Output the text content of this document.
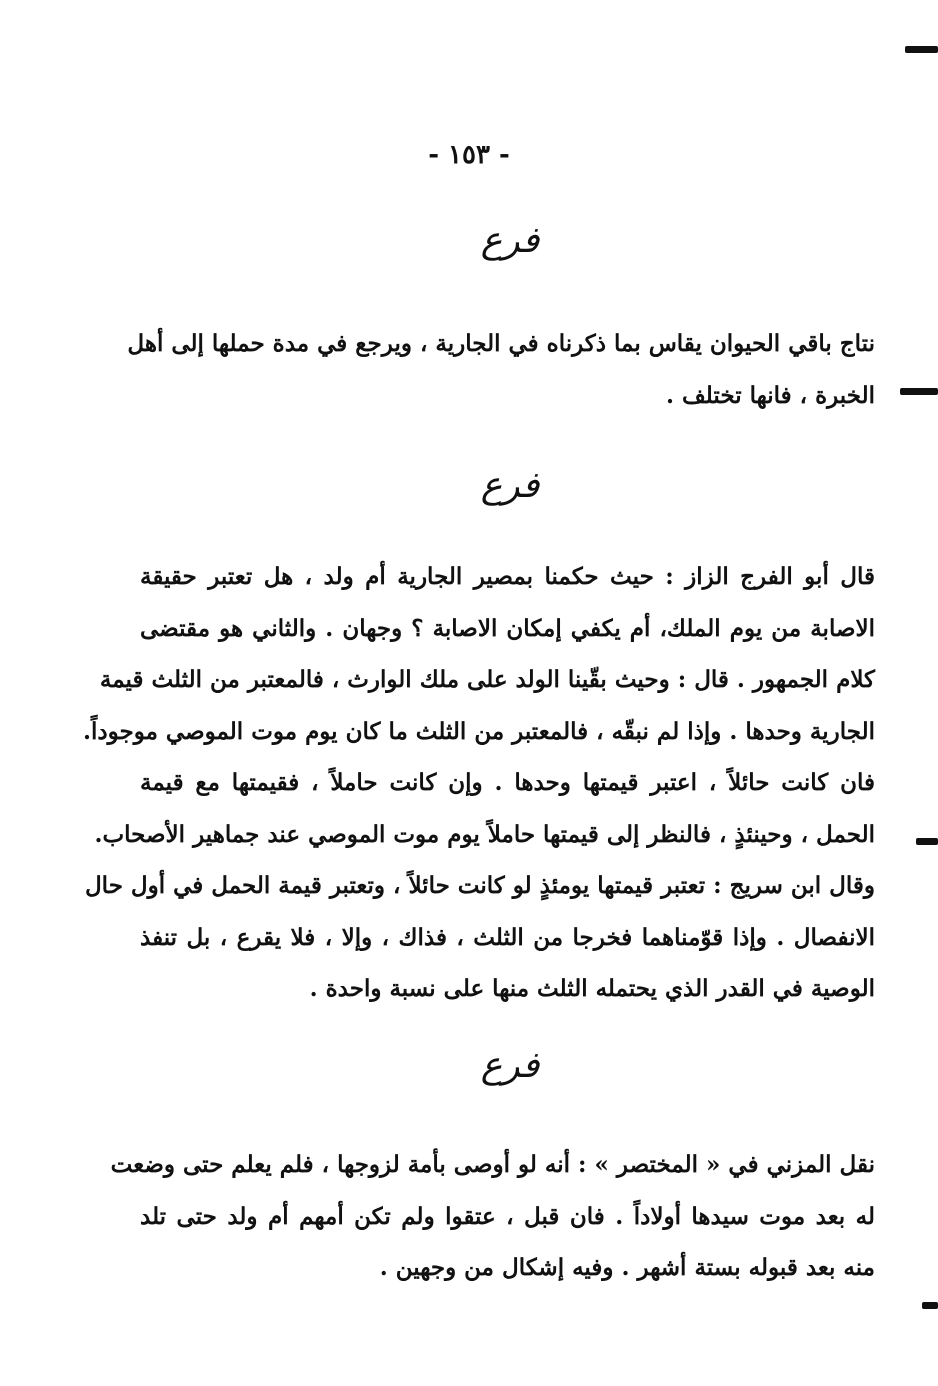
- ١٥٣ -
فرع
نتاج باقي الحيوان يقاس بما ذكرناه في الجارية ، ويرجع في مدة حملها إلى أهل
الخبرة ، فانها تختلف .
فرع
قال أبو الفرج الزاز : حيث حكمنا بمصير الجارية أم ولد ، هل تعتبر حقيقة
الاصابة من يوم الملك، أم يكفي إمكان الاصابة ؟ وجهان . والثاني هو مقتضى
كلام الجمهور . قال : وحيث بقّينا الولد على ملك الوارث ، فالمعتبر من الثلث قيمة
الجارية وحدها . وإذا لم نبقّه ، فالمعتبر من الثلث ما كان يوم موت الموصي موجوداً.
فان كانت حائلاً ، اعتبر قيمتها وحدها . وإن كانت حاملاً ، فقيمتها مع قيمة
الحمل ، وحينئذٍ ، فالنظر إلى قيمتها حاملاً يوم موت الموصي عند جماهير الأصحاب.
وقال ابن سريج : تعتبر قيمتها يومئذٍ لو كانت حائلاً ، وتعتبر قيمة الحمل في أول حال
الانفصال . وإذا قوّمناهما فخرجا من الثلث ، فذاك ، وإلا ، فلا يقرع ، بل تنفذ
الوصية في القدر الذي يحتمله الثلث منها على نسبة واحدة .
فرع
نقل المزني في « المختصر » : أنه لو أوصى بأمة لزوجها ، فلم يعلم حتى وضعت
له بعد موت سيدها أولاداً . فان قبل ، عتقوا ولم تكن أمهم أم ولد حتى تلد
منه بعد قبوله بستة أشهر . وفيه إشكال من وجهين .
